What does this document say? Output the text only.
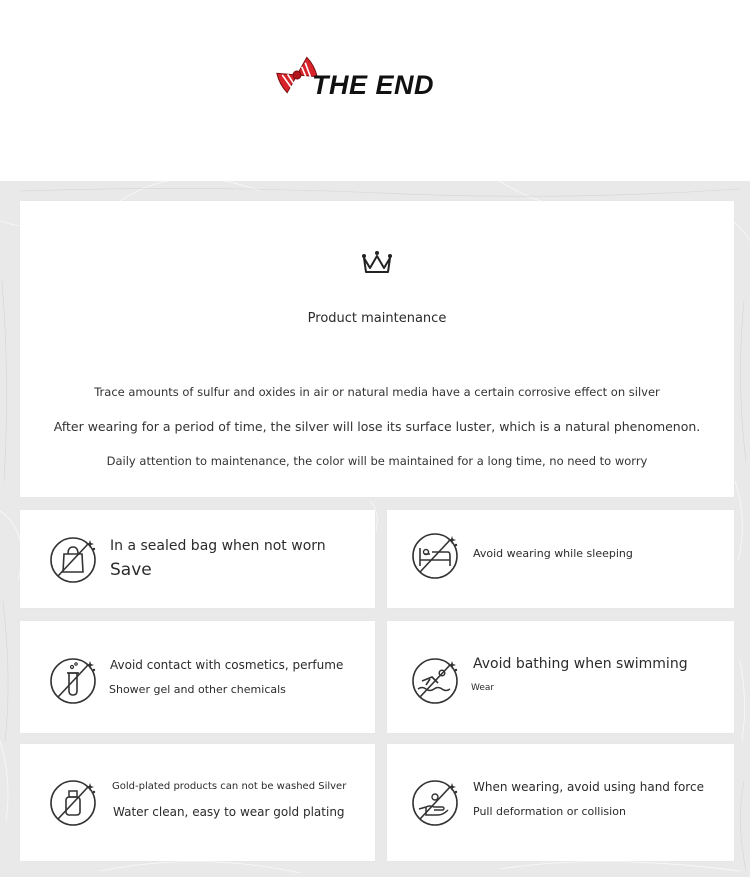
THE END
Product maintenance
Trace amounts of sulfur and oxides in air or natural media have a certain corrosive effect on silver
After wearing for a period of time, the silver will lose its surface luster, which is a natural phenomenon.
Daily attention to maintenance, the color will be maintained for a long time, no need to worry
In a sealed bag when not worn
Save
Avoid wearing while sleeping
Avoid contact with cosmetics, perfume
Shower gel and other chemicals
Avoid bathing when swimming
Wear
Gold-plated products can not be washed Silver
Water clean, easy to wear gold plating
When wearing, avoid using hand force
Pull deformation or collision
